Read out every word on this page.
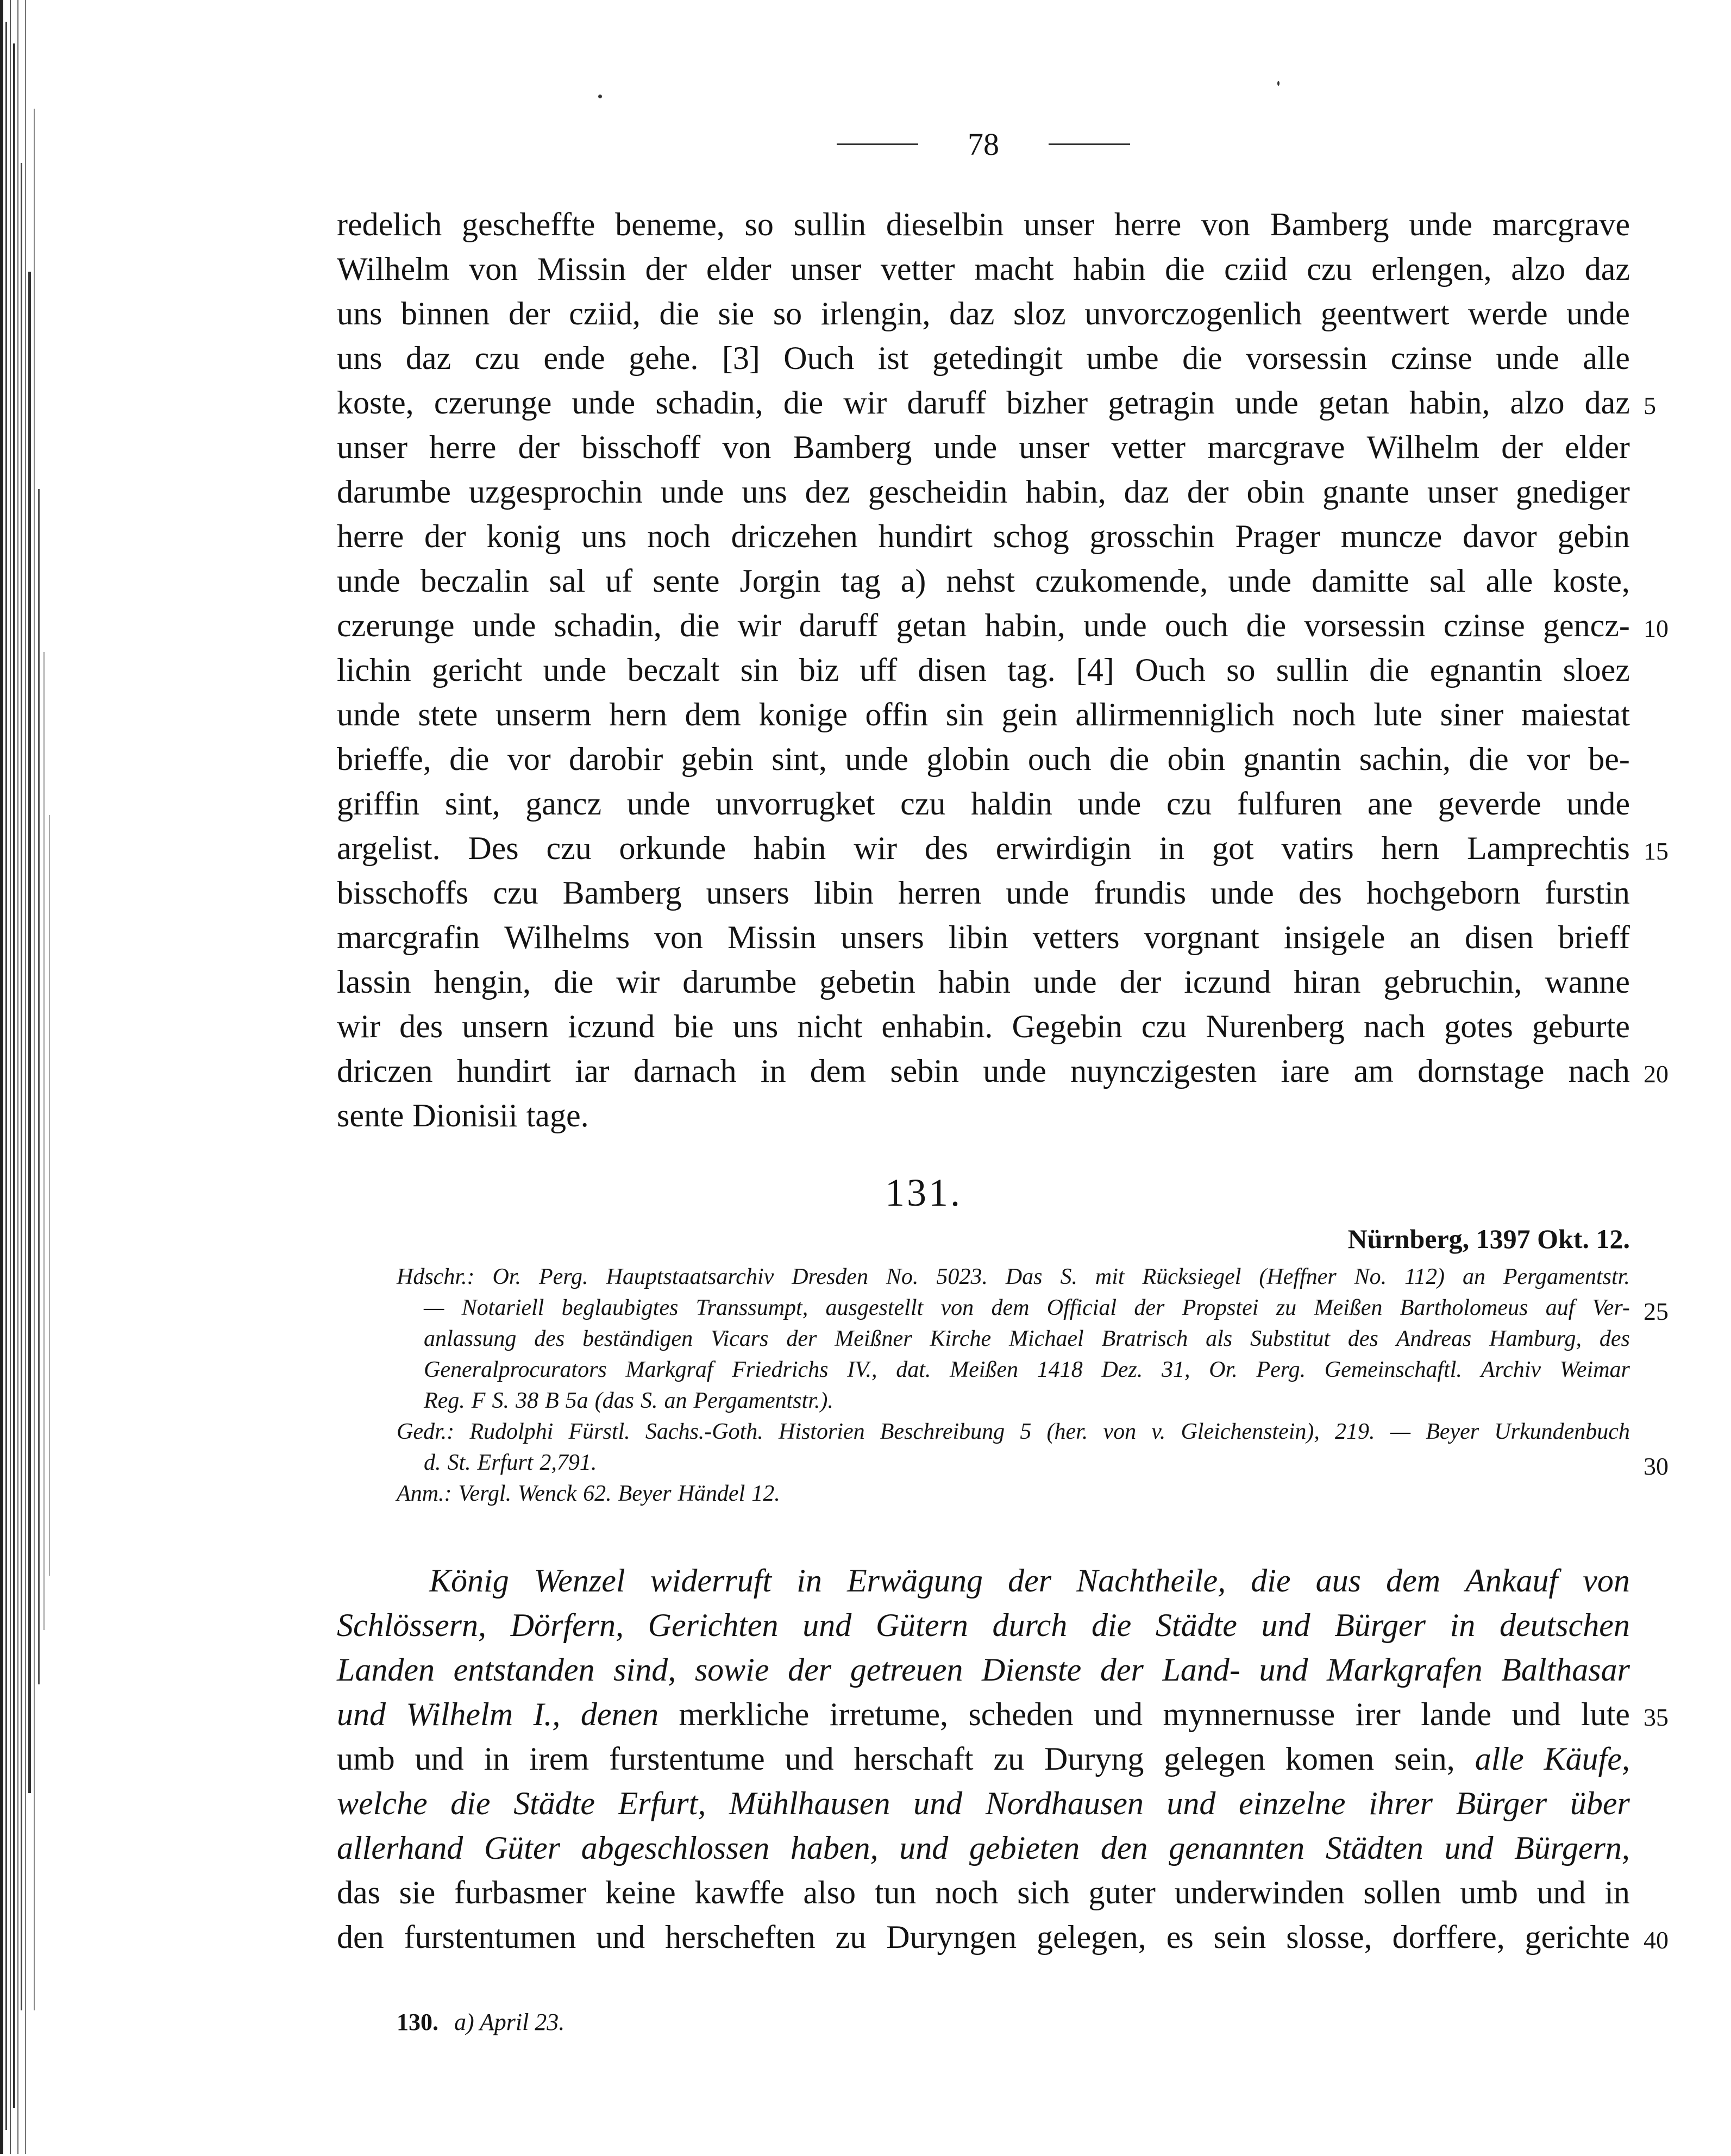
78
redelich gescheffte beneme, so sullin dieselbin unser herre von Bamberg unde marcgrave
Wilhelm von Missin der elder unser vetter macht habin die cziid czu erlengen, alzo daz
uns binnen der cziid, die sie so irlengin, daz sloz unvorczogenlich geentwert werde unde
uns daz czu ende gehe. [3] Ouch ist getedingit umbe die vorsessin czinse unde alle
koste, czerunge unde schadin, die wir daruff bizher getragin unde getan habin, alzo daz
unser herre der bisschoff von Bamberg unde unser vetter marcgrave Wilhelm der elder
darumbe uzgesprochin unde uns dez gescheidin habin, daz der obin gnante unser gnediger
herre der konig uns noch driczehen hundirt schog grosschin Prager muncze davor gebin
unde beczalin sal uf sente Jorgin tag a) nehst czukomende, unde damitte sal alle koste,
czerunge unde schadin, die wir daruff getan habin, unde ouch die vorsessin czinse gencz-
lichin gericht unde beczalt sin biz uff disen tag. [4] Ouch so sullin die egnantin sloez
unde stete unserm hern dem konige offin sin gein allirmenniglich noch lute siner maiestat
brieffe, die vor darobir gebin sint, unde globin ouch die obin gnantin sachin, die vor be-
griffin sint, gancz unde unvorrugket czu haldin unde czu fulfuren ane geverde unde
argelist. Des czu orkunde habin wir des erwirdigin in got vatirs hern Lamprechtis
bisschoffs czu Bamberg unsers libin herren unde frundis unde des hochgeborn furstin
marcgrafin Wilhelms von Missin unsers libin vetters vorgnant insigele an disen brieff
lassin hengin, die wir darumbe gebetin habin unde der iczund hiran gebruchin, wanne
wir des unsern iczund bie uns nicht enhabin. Gegebin czu Nurenberg nach gotes geburte
driczen hundirt iar darnach in dem sebin unde nuynczigesten iare am dornstage nach
sente Dionisii tage.
131.
Nürnberg, 1397 Okt. 12.
Hdschr.: Or. Perg. Hauptstaatsarchiv Dresden No. 5023. Das S. mit Rücksiegel (Heffner No. 112) an Pergamentstr.
— Notariell beglaubigtes Transsumpt, ausgestellt von dem Official der Propstei zu Meißen Bartholomeus auf Ver-
anlassung des beständigen Vicars der Meißner Kirche Michael Bratrisch als Substitut des Andreas Hamburg, des
Generalprocurators Markgraf Friedrichs IV., dat. Meißen 1418 Dez. 31, Or. Perg. Gemeinschaftl. Archiv Weimar
Reg. F S. 38 B 5a (das S. an Pergamentstr.).
Gedr.: Rudolphi Fürstl. Sachs.-Goth. Historien Beschreibung 5 (her. von v. Gleichenstein), 219. — Beyer Urkundenbuch
d. St. Erfurt 2,791.
Anm.: Vergl. Wenck 62. Beyer Händel 12.
König Wenzel widerruft in Erwägung der Nachtheile, die aus dem Ankauf von
Schlössern, Dörfern, Gerichten und Gütern durch die Städte und Bürger in deutschen
Landen entstanden sind, sowie der getreuen Dienste der Land- und Markgrafen Balthasar
und Wilhelm I., denen merkliche irretume, scheden und mynnernusse irer lande und lute
umb und in irem furstentume und herschaft zu Duryng gelegen komen sein, alle Käufe,
welche die Städte Erfurt, Mühlhausen und Nordhausen und einzelne ihrer Bürger über
allerhand Güter abgeschlossen haben, und gebieten den genannten Städten und Bürgern,
das sie furbasmer keine kawffe also tun noch sich guter underwinden sollen umb und in
den furstentumen und herscheften zu Duryngen gelegen, es sein slosse, dorffere, gerichte
130. a) April 23.
5
10
15
20
25
30
35
40
